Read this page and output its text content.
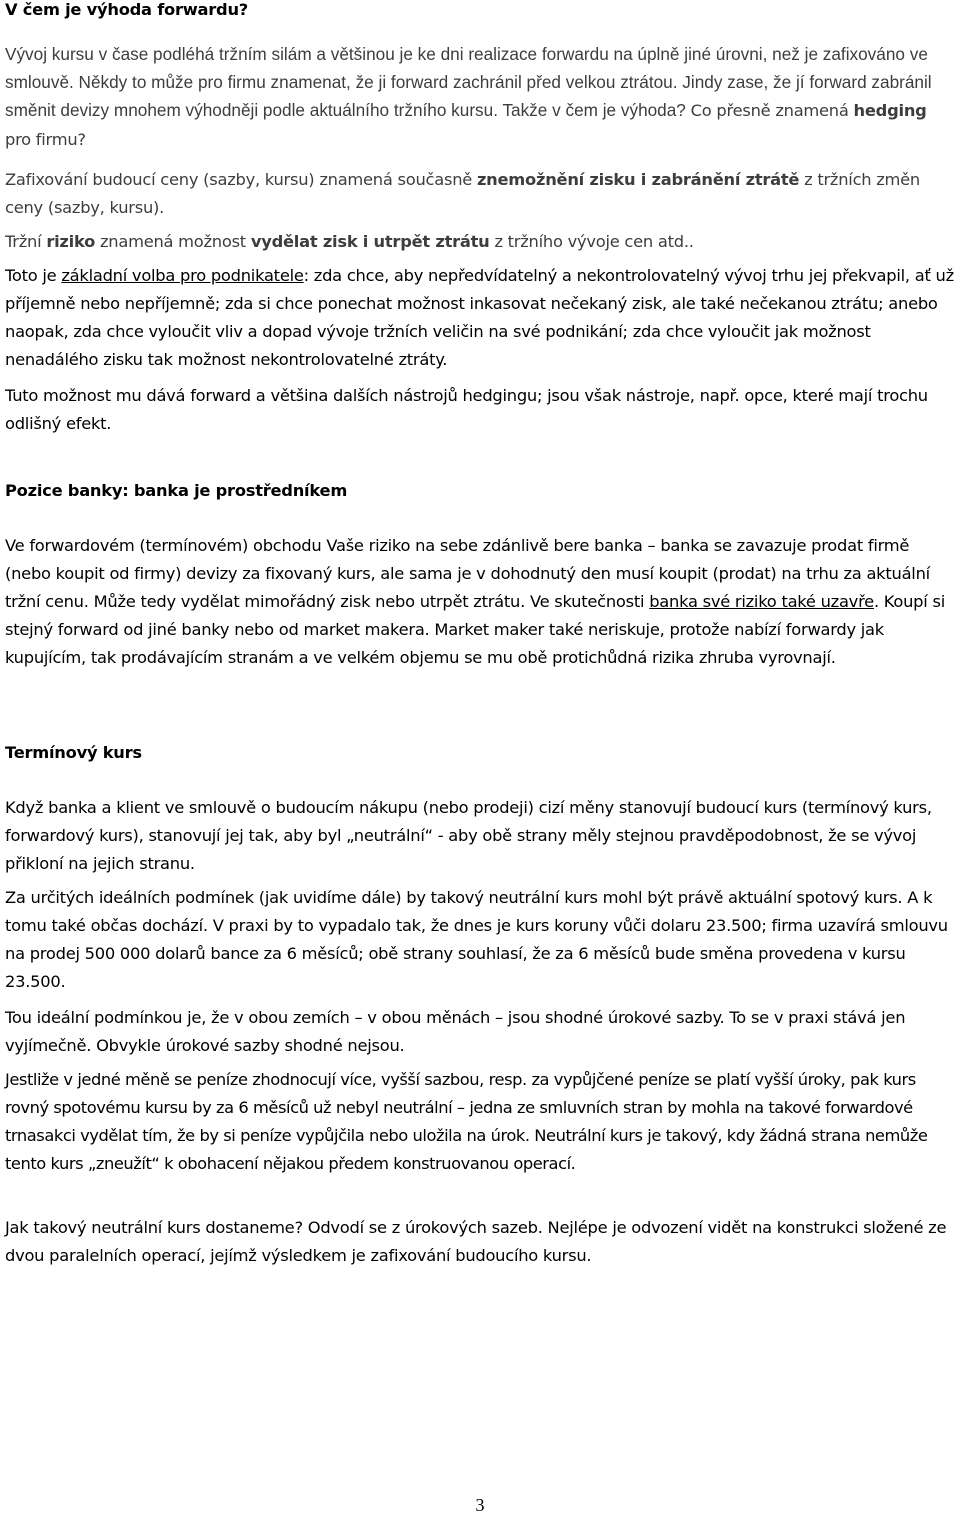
V čem je výhoda forwardu?

Vývoj kursu v čase podléhá tržním silám a většinou je ke dni realizace forwardu na úplně jiné úrovni, než je zafixováno ve smlouvě. Někdy to může pro firmu znamenat, že ji forward zachránil před velkou ztrátou. Jindy zase, že jí forward zabránil směnit devizy mnohem výhodněji podle aktuálního tržního kursu. Takže v čem je výhoda? Co přesně znamená hedging pro firmu?

Zafixování budoucí ceny (sazby, kursu) znamená současně znemožnění zisku i zabránění ztrátě z tržních změn ceny (sazby, kursu).

Tržní riziko znamená možnost vydělat zisk i utrpět ztrátu z tržního vývoje cen atd..

Toto je základní volba pro podnikatele: zda chce, aby nepředvídatelný a nekontrolovatelný vývoj trhu jej překvapil, ať už příjemně nebo nepříjemně; zda si chce ponechat možnost inkasovat nečekaný zisk, ale také nečekanou ztrátu; anebo naopak, zda chce vyloučit vliv a dopad vývoje tržních veličin na své podnikání; zda chce vyloučit jak možnost nenadálého zisku tak možnost nekontrolovatelné ztráty.

Tuto možnost mu dává forward a většina dalších nástrojů hedgingu; jsou však nástroje, např. opce, které mají trochu odlišný efekt.

Pozice banky: banka je prostředníkem

Ve forwardovém (termínovém) obchodu Vaše riziko na sebe zdánlivě bere banka – banka se zavazuje prodat firmě (nebo koupit od firmy) devizy za fixovaný kurs, ale sama je v dohodnutý den musí koupit (prodat) na trhu za aktuální tržní cenu. Může tedy vydělat mimořádný zisk nebo utrpět ztrátu. Ve skutečnosti banka své riziko také uzavře. Koupí si stejný forward od jiné banky nebo od market makera. Market maker také neriskuje, protože nabízí forwardy jak kupujícím, tak prodávajícím stranám a ve velkém objemu se mu obě protichůdná rizika zhruba vyrovnají.

Termínový kurs

Když banka a klient ve smlouvě o budoucím nákupu (nebo prodeji) cizí měny stanovují budoucí kurs (termínový kurs, forwardový kurs), stanovují jej tak, aby byl „neutrální“ - aby obě strany měly stejnou pravděpodobnost, že se vývoj přikloní na jejich stranu.

Za určitých ideálních podmínek (jak uvidíme dále) by takový neutrální kurs mohl být právě aktuální spotový kurs. A k tomu také občas dochází. V praxi by to vypadalo tak, že dnes je kurs koruny vůči dolaru 23.500; firma uzavírá smlouvu na prodej 500 000 dolarů bance za 6 měsíců; obě strany souhlasí, že za 6 měsíců bude směna provedena v kursu 23.500.

Tou ideální podmínkou je, že v obou zemích – v obou měnách – jsou shodné úrokové sazby. To se v praxi stává jen vyjímečně. Obvykle úrokové sazby shodné nejsou.

Jestliže v jedné měně se peníze zhodnocují více, vyšší sazbou, resp. za vypůjčené peníze se platí vyšší úroky, pak kurs rovný spotovému kursu by za 6 měsíců už nebyl neutrální – jedna ze smluvních stran by mohla na takové forwardové trnasakci vydělat tím, že by si peníze vypůjčila nebo uložila na úrok. Neutrální kurs je takový, kdy žádná strana nemůže tento kurs „zneužít“ k obohacení nějakou předem konstruovanou operací.

Jak takový neutrální kurs dostaneme? Odvodí se z úrokových sazeb. Nejlépe je odvození vidět na konstrukci složené ze dvou paralelních operací, jejímž výsledkem je zafixování budoucího kursu.

3
